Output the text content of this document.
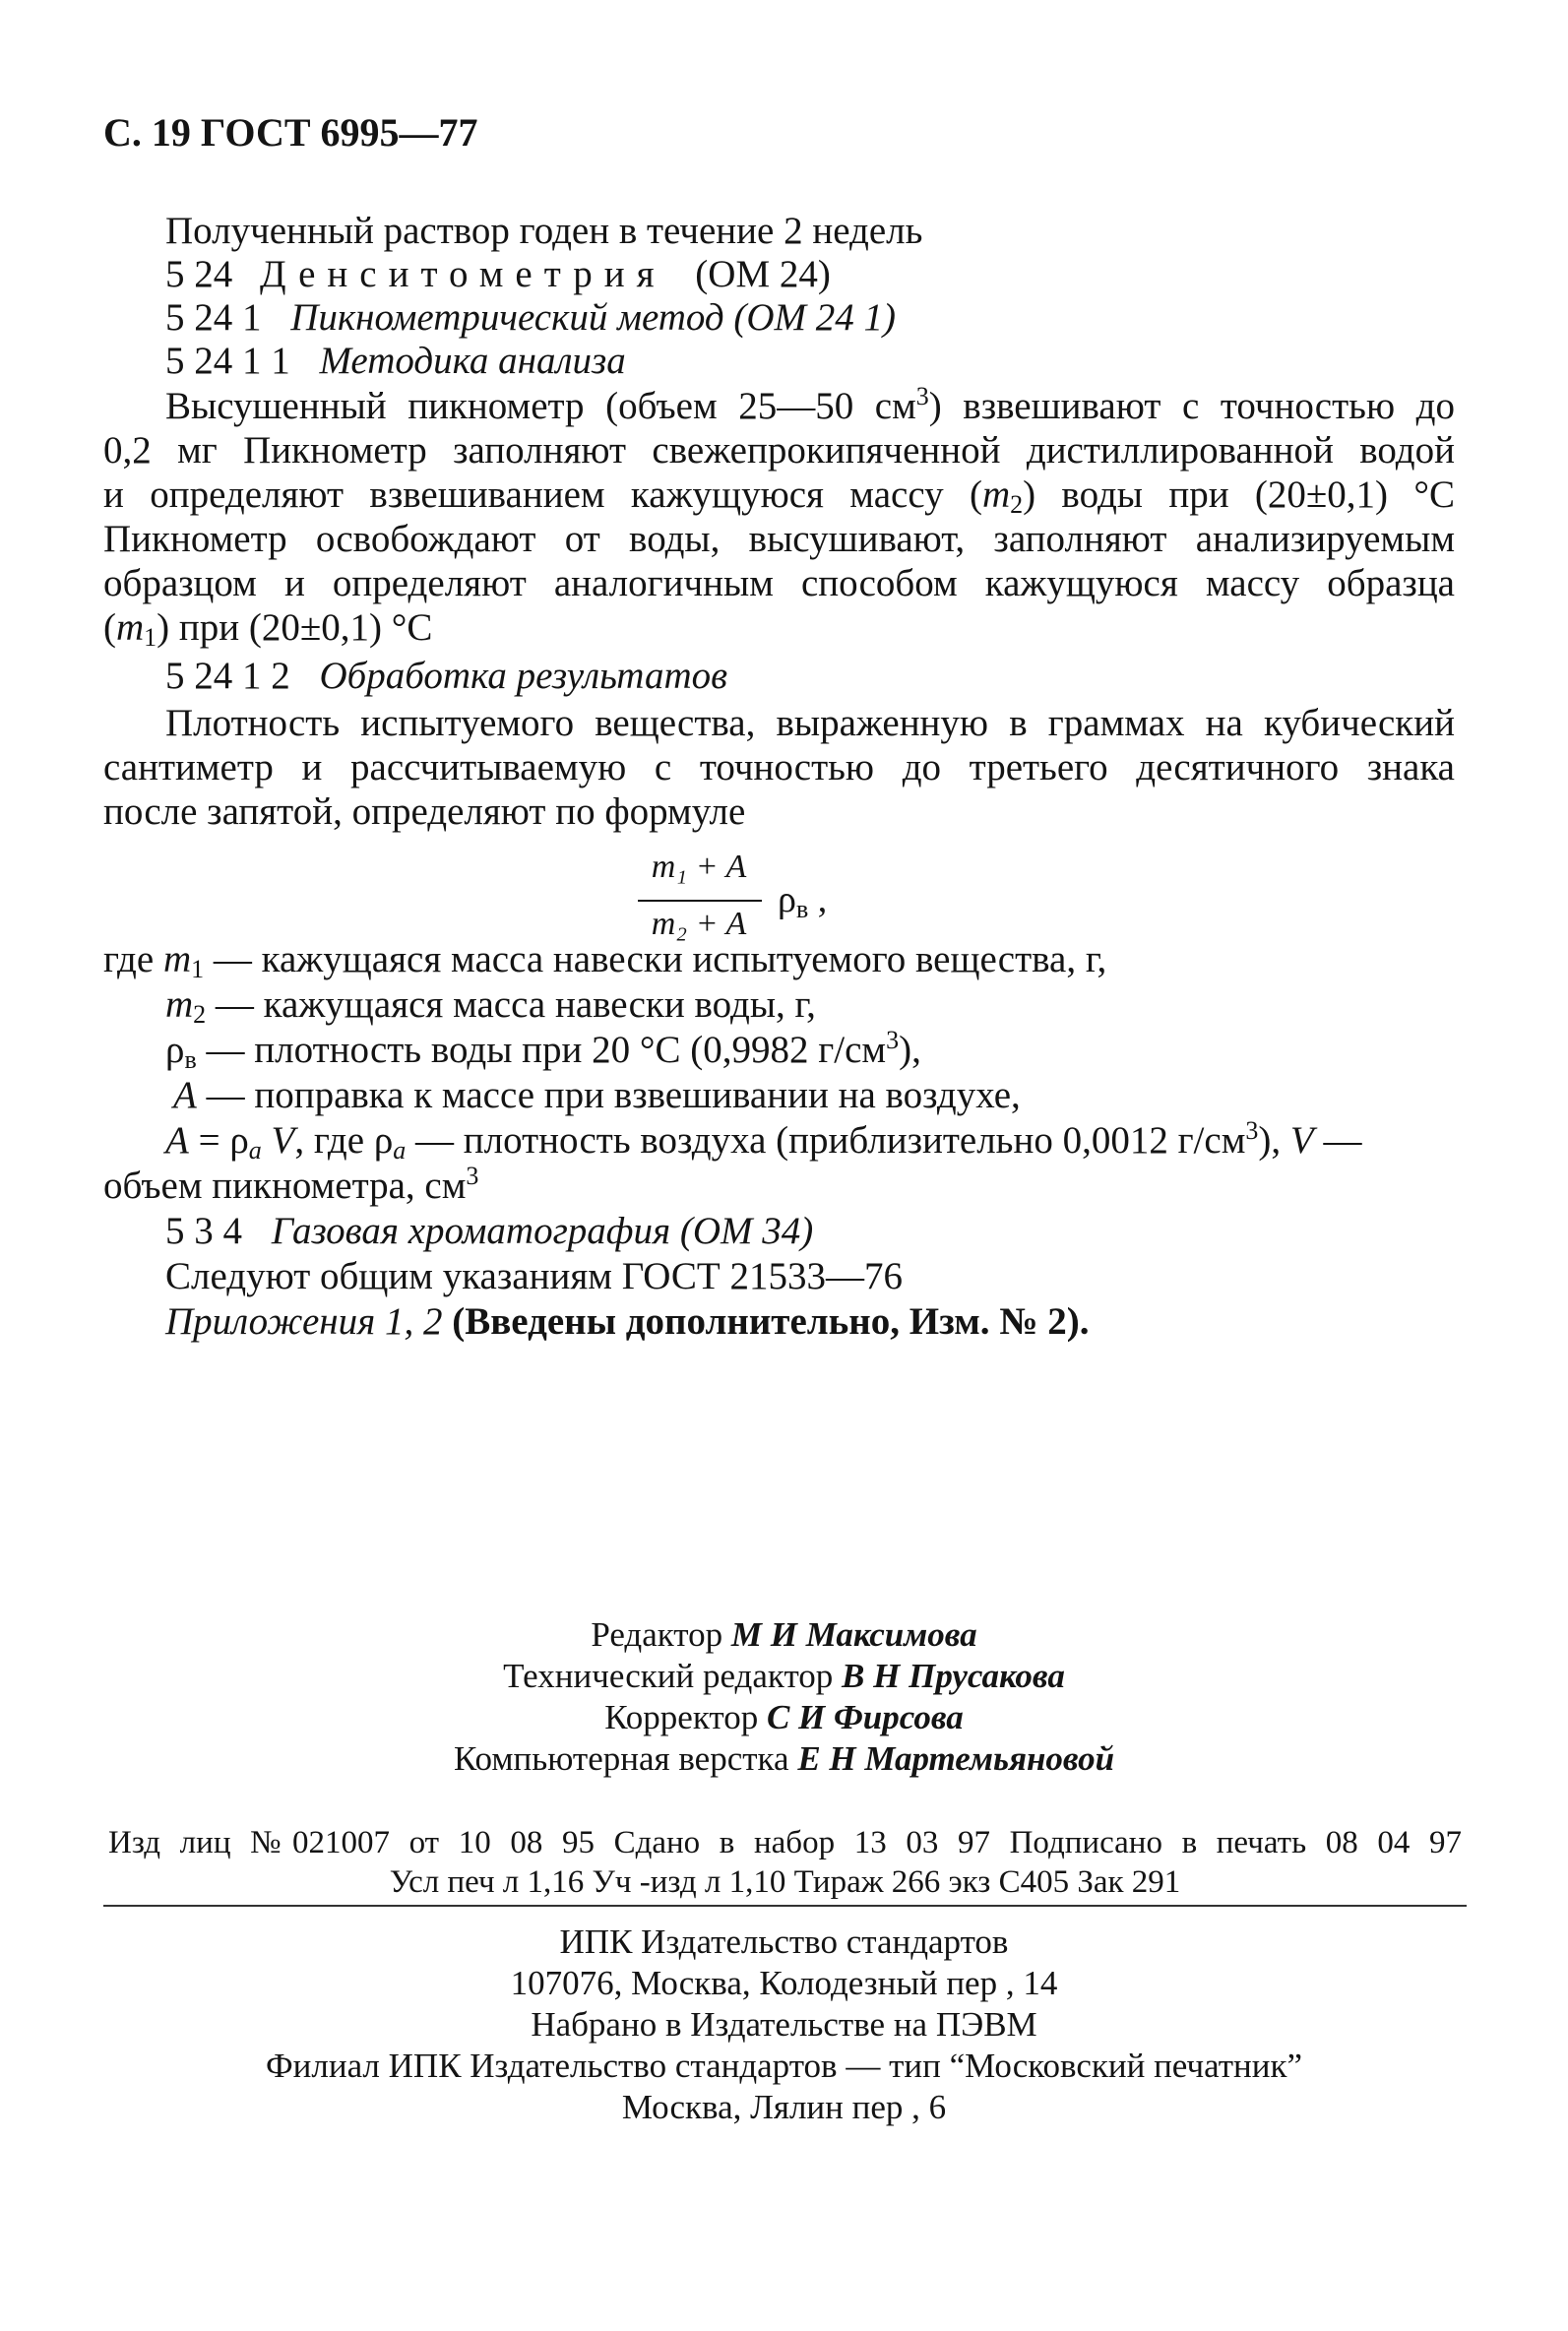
С. 19 ГОСТ 6995—77
Полученный раствор годен в течение 2 недель
5 24 Денситометрия (ОМ 24)
5 24 1 Пикнометрический метод (ОМ 24 1)
5 24 1 1 Методика анализа
Высушенный пикнометр (объем 25—50 $см^3$) взвешивают с точностью до
0,2 мг Пикнометр заполняют свежепрокипяченной дистиллированной водой
и определяют взвешиванием кажущуюся массу $(m_2)$ воды при (20±0,1) °С
Пикнометр освобождают от воды, высушивают, заполняют анализируемым
образцом и определяют аналогичным способом кажущуюся массу образца
$(m_1)$ при (20±0,1) °С
5 24 1 2 Обработка результатов
Плотность испытуемого вещества, выраженную в граммах на кубический
сантиметр и рассчитываемую с точностью до третьего десятичного знака
после запятой, определяют по формуле
m₁ + A
m₂ + A
$\rho_в$ ,
где $m_1$ — кажущаяся масса навески испытуемого вещества, г,
$m_2$ — кажущаяся масса навески воды, г,
$\rho_в$ — плотность воды при 20 °С (0,9982 $г/см^3$),
A — поправка к массе при взвешивании на воздухе,
$A = \rho_a$ V, где $\rho_a$ — плотность воздуха (приблизительно 0,0012 $г/см^3$), V —
объем пикнометра, $см^3$
5 3 4 Газовая хроматография (ОМ 34)
Следуют общим указаниям ГОСТ 21533—76
Приложения 1, 2 (Введены дополнительно, Изм. № 2).
Редактор М И Максимова
Технический редактор В Н Прусакова
Корректор С И Фирсова
Компьютерная верстка Е Н Мартемьяновой
Изд лиц №021007 от 10 08 95 Сдано в набор 13 03 97 Подписано в печать 08 04 97
Усл печ л 1,16 Уч -изд л 1,10 Тираж 266 экз С405 Зак 291
ИПК Издательство стандартов
107076, Москва, Колодезный пер , 14
Набрано в Издательстве на ПЭВМ
Филиал ИПК Издательство стандартов — тип “Московский печатник”
Москва, Лялин пер , 6
